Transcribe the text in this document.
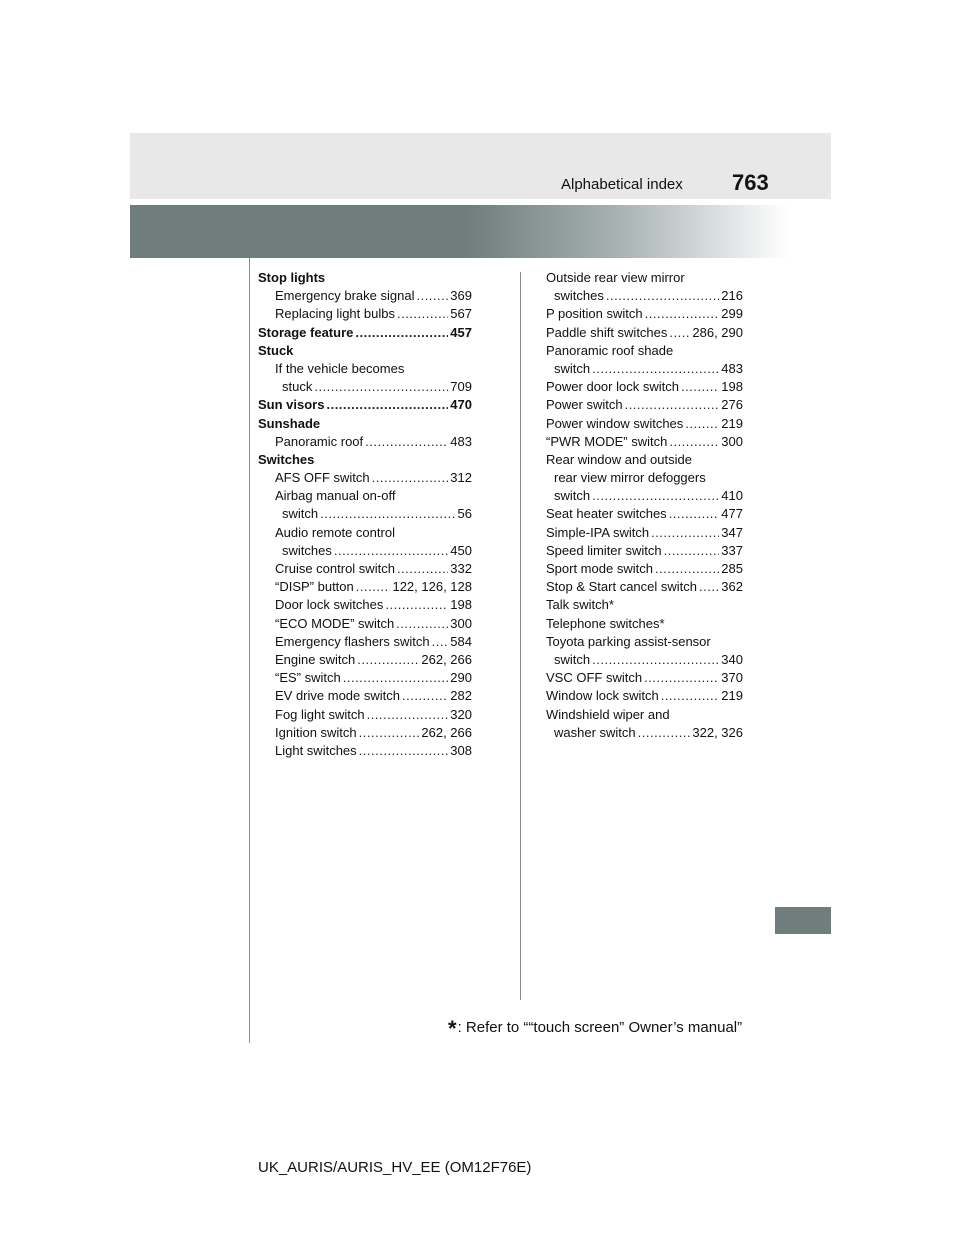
Alphabetical index 763
Stop lights
Emergency brake signal .....	369
Replacing light bulbs .....	567
Storage feature .....	457
Stuck
If the vehicle becomes
stuck .....	709
Sun visors .....	470
Sunshade
Panoramic roof .....	483
Switches
AFS OFF switch .....	312
Airbag manual on-off
switch .....	56
Audio remote control
switches .....	450
Cruise control switch .....	332
“DISP” button .....	122, 126, 128
Door lock switches .....	198
“ECO MODE” switch .....	300
Emergency flashers switch ..... 584
Engine switch .....	262, 266
“ES” switch .....	290
EV drive mode switch .....	282
Fog light switch .....	320
Ignition switch .....	262, 266
Light switches .....	308
Outside rear view mirror
switches .....	216
P position switch .....	299
Paddle shift switches ..... 286, 290
Panoramic roof shade
switch .....	483
Power door lock switch .....	198
Power switch .....	276
Power window switches .....	219
“PWR MODE” switch .....	300
Rear window and outside
rear view mirror defoggers
switch .....	410
Seat heater switches .....	477
Simple-IPA switch .....	347
Speed limiter switch .....	337
Sport mode switch .....	285
Stop & Start cancel switch ..... 362
Talk switch*
Telephone switches*
Toyota parking assist-sensor
switch .....	340
VSC OFF switch .....	370
Window lock switch .....	219
Windshield wiper and
washer switch .....	322, 326
*: Refer to ““touch screen” Owner’s manual”
UK_AURIS/AURIS_HV_EE (OM12F76E)
